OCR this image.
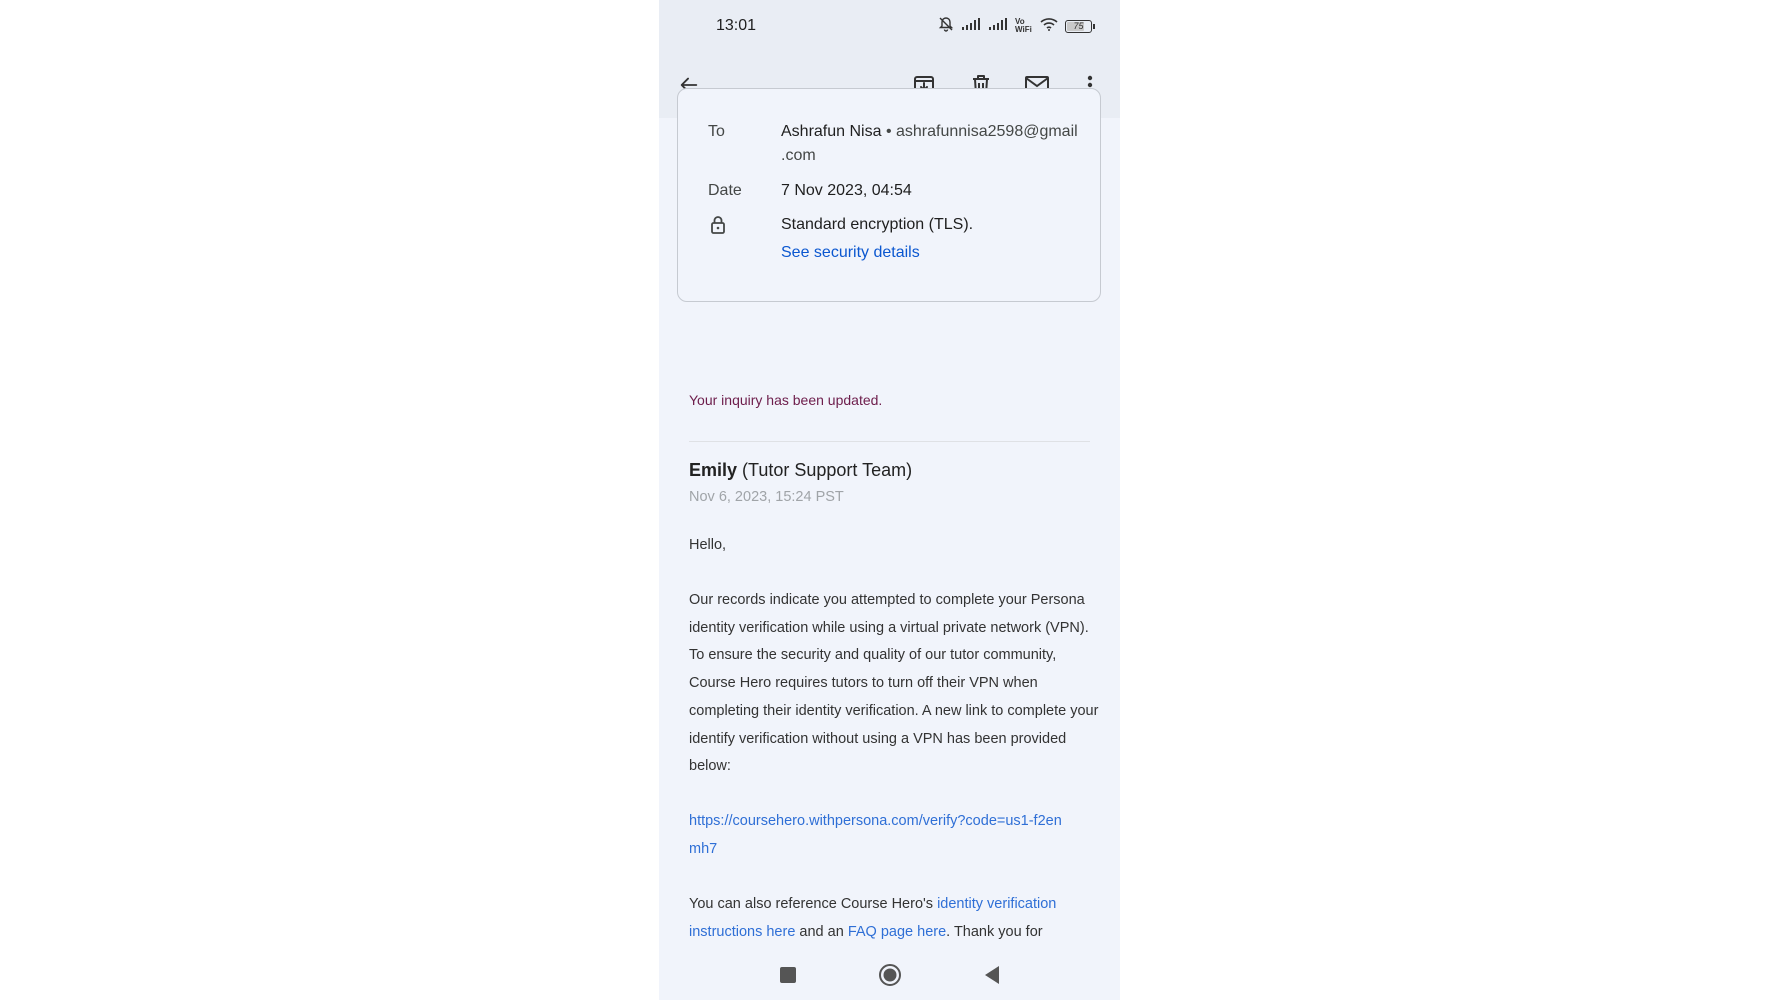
13:01	Vo WiFi	75
To	Ashrafun Nisa • ashrafunnisa2598@gmail
.com
Date 7 Nov 2023, 04:54
Standard encryption (TLS).
See security details
Your inquiry has been updated.
Emily (Tutor Support Team)
Nov 6, 2023, 15:24 PST
Hello,
Our records indicate you attempted to complete your Persona identity verification while using a virtual private network (VPN). To ensure the security and quality of our tutor community, Course Hero requires tutors to turn off their VPN when completing their identity verification. A new link to complete your identify verification without using a VPN has been provided below:
https://coursehero.withpersona.com/verify?code=us1-f2enmh7
You can also reference Course Hero's identity verification instructions here and an FAQ page here. Thank you for
